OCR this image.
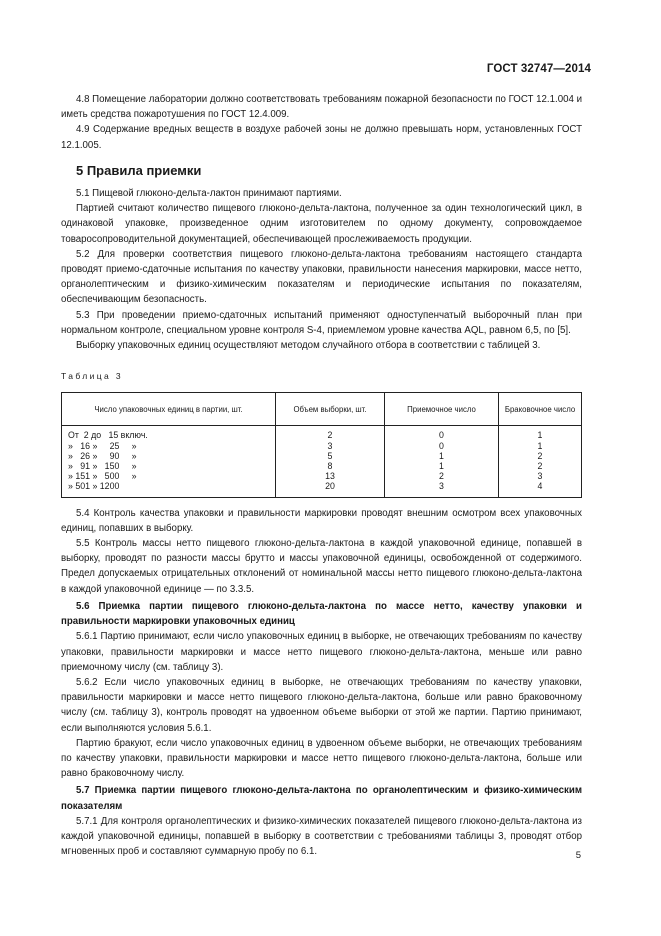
ГОСТ 32747—2014

4.8 Помещение лаборатории должно соответствовать требованиям пожарной безопасности по ГОСТ 12.1.004 и иметь средства пожаротушения по ГОСТ 12.4.009.

4.9 Содержание вредных веществ в воздухе рабочей зоны не должно превышать норм, установленных ГОСТ 12.1.005.

5 Правила приемки

5.1 Пищевой глюконо-дельта-лактон принимают партиями.

Партией считают количество пищевого глюконо-дельта-лактона, полученное за один технологический цикл, в одинаковой упаковке, произведенное одним изготовителем по одному документу, сопровождаемое товаросопроводительной документацией, обеспечивающей прослеживаемость продукции.

5.2 Для проверки соответствия пищевого глюконо-дельта-лактона требованиям настоящего стандарта проводят приемо-сдаточные испытания по качеству упаковки, правильности нанесения маркировки, массе нетто, органолептическим и физико-химическим показателям и периодические испытания по показателям, обеспечивающим безопасность.

5.3 При проведении приемо-сдаточных испытаний применяют одноступенчатый выборочный план при нормальном контроле, специальном уровне контроля S-4, приемлемом уровне качества AQL, равном 6,5, по [5].

Выборку упаковочных единиц осуществляют методом случайного отбора в соответствии с таблицей 3.

Таблица 3

Число упаковочных единиц в партии, шт.	Объем выборки, шт.	Приемочное число	Браковочное число
От  2 до   15 включ.	2	0	1
»   16 »     25     »	3	0	1
»   26 »     90     »	5	1	2
»   91 »   150     »	8	1	2
» 151 »   500     »	13	2	3
» 501 » 1200	20	3	4

5.4 Контроль качества упаковки и правильности маркировки проводят внешним осмотром всех упаковочных единиц, попавших в выборку.

5.5 Контроль массы нетто пищевого глюконо-дельта-лактона в каждой упаковочной единице, попавшей в выборку, проводят по разности массы брутто и массы упаковочной единицы, освобожденной от содержимого. Предел допускаемых отрицательных отклонений от номинальной массы нетто пищевого глюконо-дельта-лактона в каждой упаковочной единице — по 3.3.5.

5.6 Приемка партии пищевого глюконо-дельта-лактона по массе нетто, качеству упаковки и правильности маркировки упаковочных единиц

5.6.1 Партию принимают, если число упаковочных единиц в выборке, не отвечающих требованиям по качеству упаковки, правильности маркировки и массе нетто пищевого глюконо-дельта-лактона, меньше или равно приемочному числу (см. таблицу 3).

5.6.2 Если число упаковочных единиц в выборке, не отвечающих требованиям по качеству упаковки, правильности маркировки и массе нетто пищевого глюконо-дельта-лактона, больше или равно браковочному числу (см. таблицу 3), контроль проводят на удвоенном объеме выборки от этой же партии. Партию принимают, если выполняются условия 5.6.1.

Партию бракуют, если число упаковочных единиц в удвоенном объеме выборки, не отвечающих требованиям по качеству упаковки, правильности маркировки и массе нетто пищевого глюконо-дельта-лактона, больше или равно браковочному числу.

5.7 Приемка партии пищевого глюконо-дельта-лактона по органолептическим и физико-химическим показателям

5.7.1 Для контроля органолептических и физико-химических показателей пищевого глюконо-дельта-лактона из каждой упаковочной единицы, попавшей в выборку в соответствии с требованиями таблицы 3, проводят отбор мгновенных проб и составляют суммарную пробу по 6.1.	5
